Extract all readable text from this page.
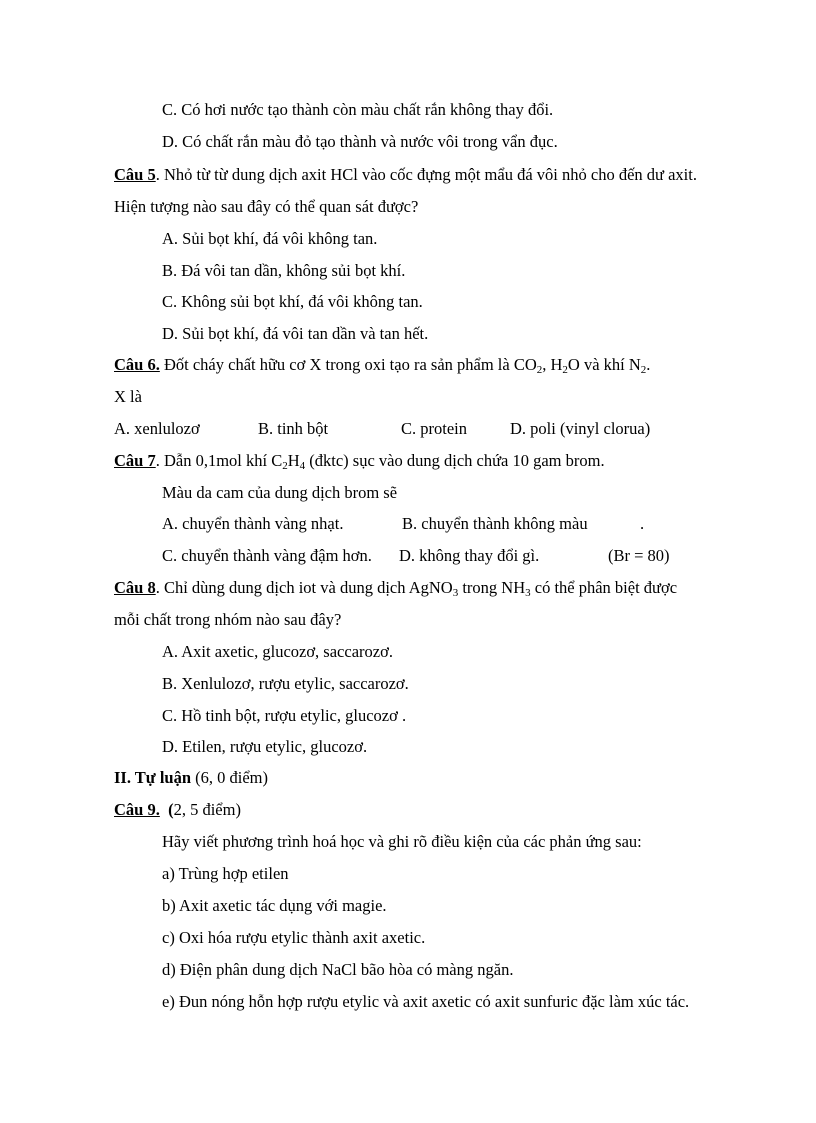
C. Có hơi nước tạo thành còn màu chất rắn không thay đổi.
D. Có chất rắn màu đỏ tạo thành và nước vôi trong vẩn đục.
Câu 5. Nhỏ từ từ dung dịch axit HCl vào cốc đựng một mẩu đá vôi nhỏ cho đến dư axit.
Hiện tượng nào sau đây có thể quan sát được?
A. Sủi bọt khí, đá vôi không tan.
B. Đá vôi tan dần, không sủi bọt khí.
C. Không sủi bọt khí, đá vôi không tan.
D. Sủi bọt khí, đá vôi tan dần và tan hết.
Câu 6. Đốt cháy chất hữu cơ X trong oxi tạo ra sản phẩm là $CO_2$, $H_2O$ và khí $N_2$.
X là
A. xenlulozơ	B. tinh bột	C. protein	D. poli (vinyl clorua)
Câu 7. Dẫn 0,1mol khí $C_2H_4$ (đktc) sục vào dung dịch chứa 10 gam brom.
Màu da cam của dung dịch brom sẽ
A. chuyển thành vàng nhạt.	B. chuyển thành không màu	.
C. chuyển thành vàng đậm hơn. D. không thay đổi gì.	(Br = 80)
Câu 8. Chỉ dùng dung dịch iot và dung dịch AgNO$_3$ trong $NH_3$ có thể phân biệt được
mỗi chất trong nhóm nào sau đây?
A. Axit axetic, glucozơ, saccarozơ.
B. Xenlulozơ, rượu etylic, saccarozơ.
C. Hồ tinh bột, rượu etylic, glucozơ .
D. Etilen, rượu etylic, glucozơ.
II. Tự luận (6, 0 điểm)
Câu 9. (2, 5 điểm)
Hãy viết phương trình hoá học và ghi rõ điều kiện của các phản ứng sau:
a) Trùng hợp etilen
b) Axit axetic tác dụng với magie.
c) Oxi hóa rượu etylic thành axit axetic.
d) Điện phân dung dịch NaCl bão hòa có màng ngăn.
e) Đun nóng hỗn hợp rượu etylic và axit axetic có axit sunfuric đặc làm xúc tác.
